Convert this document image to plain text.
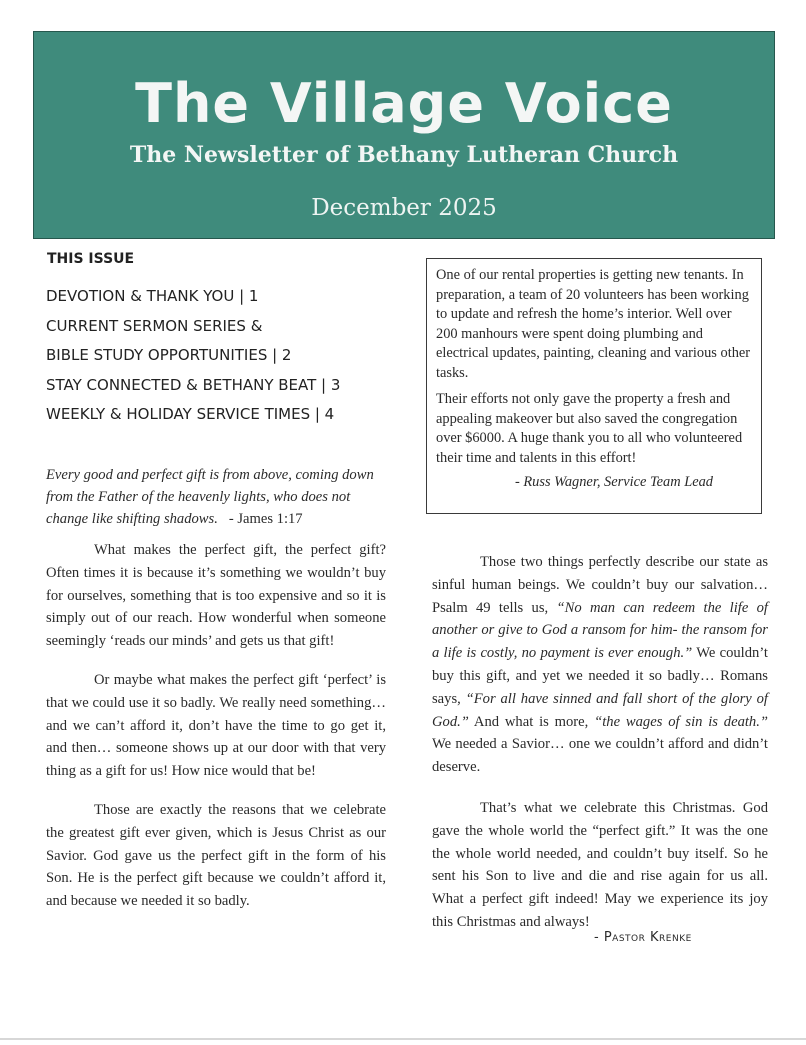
The Village Voice
The Newsletter of Bethany Lutheran Church
December 2025
THIS ISSUE
DEVOTION & THANK YOU | 1
CURRENT SERMON SERIES &
BIBLE STUDY OPPORTUNITIES | 2
STAY CONNECTED & BETHANY BEAT | 3
WEEKLY & HOLIDAY SERVICE TIMES | 4

One of our rental properties is getting new tenants. In preparation, a team of 20 volunteers has been working to update and refresh the home’s interior. Well over 200 manhours were spent doing plumbing and electrical updates, painting, cleaning and various other tasks.

Their efforts not only gave the property a fresh and appealing makeover but also saved the congregation over $6000. A huge thank you to all who volunteered their time and talents in this effort!

- Russ Wagner, Service Team Lead
Every good and perfect gift is from above, coming down from the Father of the heavenly lights, who does not change like shifting shadows. - James 1:17

What makes the perfect gift, the perfect gift? Often times it is because it’s something we wouldn’t buy for ourselves, something that is too expensive and so it is simply out of our reach. How wonderful when someone seemingly ‘reads our minds’ and gets us that gift!

Or maybe what makes the perfect gift ‘perfect’ is that we could use it so badly. We really need something… and we can’t afford it, don’t have the time to go get it, and then… someone shows up at our door with that very thing as a gift for us! How nice would that be!

Those are exactly the reasons that we celebrate the greatest gift ever given, which is Jesus Christ as our Savior. God gave us the perfect gift in the form of his Son. He is the perfect gift because we couldn’t afford it, and because we needed it so badly.

Those two things perfectly describe our state as sinful human beings. We couldn’t buy our salvation… Psalm 49 tells us, “No man can redeem the life of another or give to God a ransom for him- the ransom for a life is costly, no payment is ever enough.” We couldn’t buy this gift, and yet we needed it so badly… Romans says, “For all have sinned and fall short of the glory of God.” And what is more, “the wages of sin is death.” We needed a Savior… one we couldn’t afford and didn’t deserve.

That’s what we celebrate this Christmas. God gave the whole world the “perfect gift.” It was the one the whole world needed, and couldn’t buy itself. So he sent his Son to live and die and rise again for us all. What a perfect gift indeed! May we experience its joy this Christmas and always!

- Pastor Krenke
